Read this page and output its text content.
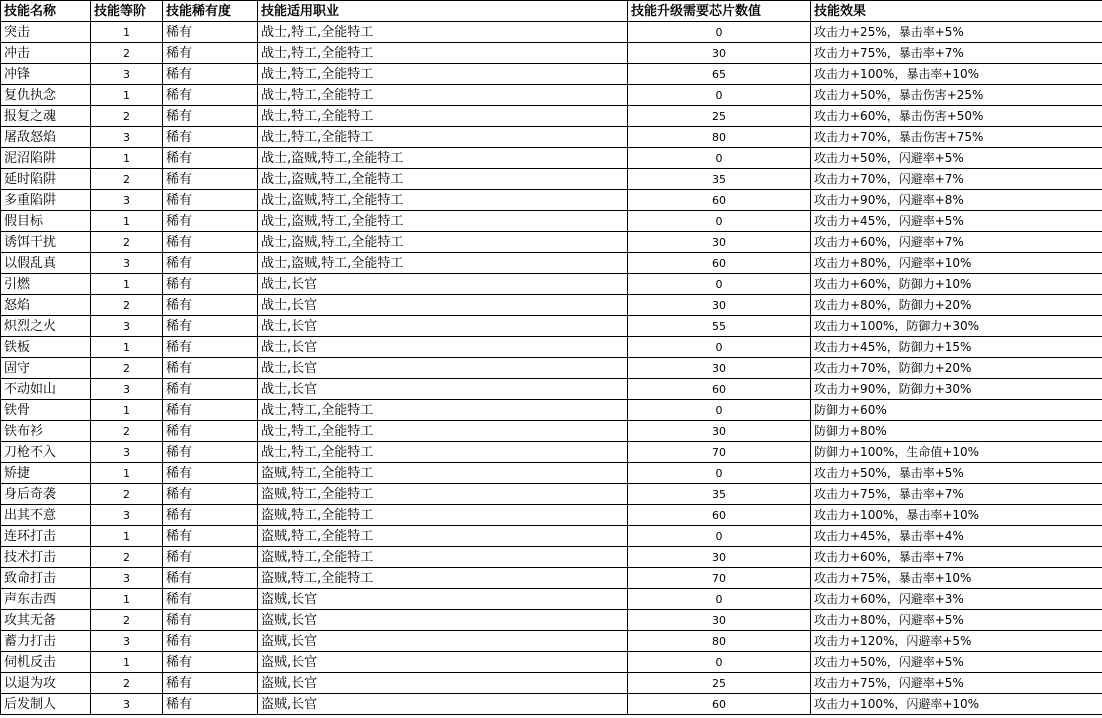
技能名称	技能等阶	技能稀有度	技能适用职业	技能升级需要芯片数值	技能效果
突击	1	稀有	战士,特工,全能特工	0	攻击力+25%，暴击率+5%
冲击	2	稀有	战士,特工,全能特工	30	攻击力+75%，暴击率+7%
冲锋	3	稀有	战士,特工,全能特工	65	攻击力+100%，暴击率+10%
复仇执念	1	稀有	战士,特工,全能特工	0	攻击力+50%，暴击伤害+25%
报复之魂	2	稀有	战士,特工,全能特工	25	攻击力+60%，暴击伤害+50%
屠敌怒焰	3	稀有	战士,特工,全能特工	80	攻击力+70%，暴击伤害+75%
泥沼陷阱	1	稀有	战士,盗贼,特工,全能特工	0	攻击力+50%，闪避率+5%
延时陷阱	2	稀有	战士,盗贼,特工,全能特工	35	攻击力+70%，闪避率+7%
多重陷阱	3	稀有	战士,盗贼,特工,全能特工	60	攻击力+90%，闪避率+8%
假目标	1	稀有	战士,盗贼,特工,全能特工	0	攻击力+45%，闪避率+5%
诱饵干扰	2	稀有	战士,盗贼,特工,全能特工	30	攻击力+60%，闪避率+7%
以假乱真	3	稀有	战士,盗贼,特工,全能特工	60	攻击力+80%，闪避率+10%
引燃	1	稀有	战士,长官	0	攻击力+60%，防御力+10%
怒焰	2	稀有	战士,长官	30	攻击力+80%，防御力+20%
炽烈之火	3	稀有	战士,长官	55	攻击力+100%，防御力+30%
铁板	1	稀有	战士,长官	0	攻击力+45%，防御力+15%
固守	2	稀有	战士,长官	30	攻击力+70%，防御力+20%
不动如山	3	稀有	战士,长官	60	攻击力+90%，防御力+30%
铁骨	1	稀有	战士,特工,全能特工	0	防御力+60%
铁布衫	2	稀有	战士,特工,全能特工	30	防御力+80%
刀枪不入	3	稀有	战士,特工,全能特工	70	防御力+100%，生命值+10%
矫捷	1	稀有	盗贼,特工,全能特工	0	攻击力+50%，暴击率+5%
身后奇袭	2	稀有	盗贼,特工,全能特工	35	攻击力+75%，暴击率+7%
出其不意	3	稀有	盗贼,特工,全能特工	60	攻击力+100%，暴击率+10%
连环打击	1	稀有	盗贼,特工,全能特工	0	攻击力+45%，暴击率+4%
技术打击	2	稀有	盗贼,特工,全能特工	30	攻击力+60%，暴击率+7%
致命打击	3	稀有	盗贼,特工,全能特工	70	攻击力+75%，暴击率+10%
声东击西	1	稀有	盗贼,长官	0	攻击力+60%，闪避率+3%
攻其无备	2	稀有	盗贼,长官	30	攻击力+80%，闪避率+5%
蓄力打击	3	稀有	盗贼,长官	80	攻击力+120%，闪避率+5%
伺机反击	1	稀有	盗贼,长官	0	攻击力+50%，闪避率+5%
以退为攻	2	稀有	盗贼,长官	25	攻击力+75%，闪避率+5%
后发制人	3	稀有	盗贼,长官	60	攻击力+100%，闪避率+10%
